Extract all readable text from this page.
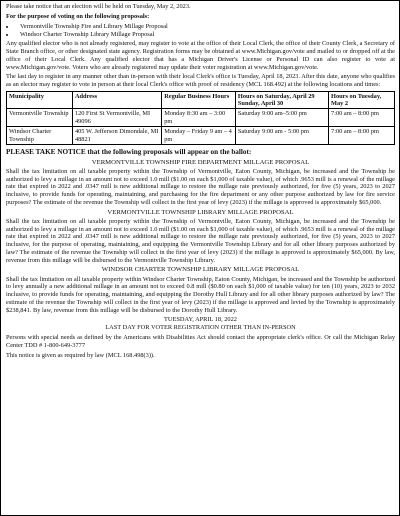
Please take notice that an election will be held on Tuesday, May 2, 2023.

For the purpose of voting on the following proposals:

• Vermontville Township Fire and Library Millage Proposal
• Windsor Charter Township Library Millage Proposal

Any qualified elector who is not already registered, may register to vote at the office of their Local Clerk, the office of their County Clerk, a Secretary of State Branch office, or other designated state agency. Registration forms may be obtained at www.Michigan.gov/vote and mailed to or dropped off at the office of their Local Clerk. Any qualified elector that has a Michigan Driver's License or Personal ID can also register to vote at www.Michigan.gov/vote. Voters who are already registered may update their voter registration at www.Michigan.gov/vote.

The last day to register in any manner other than in-person with their local Clerk's office is Tuesday, April 18, 2023. After this date, anyone who qualifies as an elector may register to vote in person at their local Clerk's office with proof of residency (MCL 168.492) at the following locations and times:

Municipality	Address	Regular Business Hours	Hours on Saturday, April 29 Sunday, April 30	Hours on Tuesday, May 2
Vermontville Township	120 First St Vermontville, MI 49096	Monday 8:30 am – 3:00 pm	Saturday 9:00 am–5:00 pm	7:00 am – 8:00 pm
Windsor Charter Township	405 W. Jefferson Dimondale, MI 48821	Monday – Friday 9 am – 4 pm	Saturday 9:00 am - 5:00 pm	7:00 am – 8:00 pm
PLEASE TAKE NOTICE that the following proposals will appear on the ballot:
VERMONTVILLE TOWNSHIP FIRE DEPARTMENT MILLAGE PROPOSAL

Shall the tax limitation on all taxable property within the Township of Vermontville, Eaton County, Michigan, be increased and the Township be authorized to levy a millage in an amount not to exceed 1.0 mill ($1.00 on each $1,000 of taxable value), of which .9653 mill is a renewal of the millage rate that expired in 2022 and .0347 mill is new additional millage to restore the millage rate previously authorized, for five (5) years, 2023 to 2027 inclusive, to provide funds for operating, maintaining, and purchasing for the fire department or any other purpose authorized by law for fire service purposes? The estimate of the revenue the Township will collect in the first year of levy (2023) if the millage is approved is approximately $65,000.

VERMONTVILLE TOWNSHIP LIBRARY MILLAGE PROPOSAL

Shall the tax limitation on all taxable property within the Township of Vermontville, Eaton County, Michigan, be increased and the Township be authorized to levy a millage in an amount not to exceed 1.0 mill ($1.00 on each $1,000 of taxable value), of which .9653 mill is a renewal of the millage rate that expired in 2022 and .0347 mill is new additional millage to restore the millage rate previously authorized, for five (5) years, 2023 to 2027 inclusive, for the purpose of operating, maintaining, and equipping the Vermontville Township Library and for all other library purposes authorized by law? The estimate of the revenue the Township will collect in the first year of levy (2023) if the millage is approved is approximately $65,000. By law, revenue from this millage will be disbursed to the Vermontville Township Library.

WINDSOR CHARTER TOWNSHIP LIBRARY MILLAGE PROPOSAL

Shall the tax limitation on all taxable property within Windsor Charter Township, Eaton County, Michigan, be increased and the Township be authorized to levy annually a new additional millage in an amount not to exceed 0.8 mill ($0.80 on each $1,000 of taxable value) for ten (10) years, 2023 to 2032 inclusive, to provide funds for operating, maintaining, and equipping the Dorothy Hull Library and for all other library purposes authorized by law? The estimate of the revenue the Township will collect in the first year of levy (2023) if the millage is approved and levied by the Township is approximately $238,841. By law, revenue from this millage will be disbursed to the Dorothy Hull Library.

TUESDAY, APRIL 18, 2022
LAST DAY FOR VOTER REGISTRATION OTHER THAN IN-PERSON

Persons with special needs as defined by the Americans with Disabilities Act should contact the appropriate clerk's office. Or call the Michigan Relay Center TDD # 1-800-649-3777

This notice is given as required by law (MCL 168.498(3)).
